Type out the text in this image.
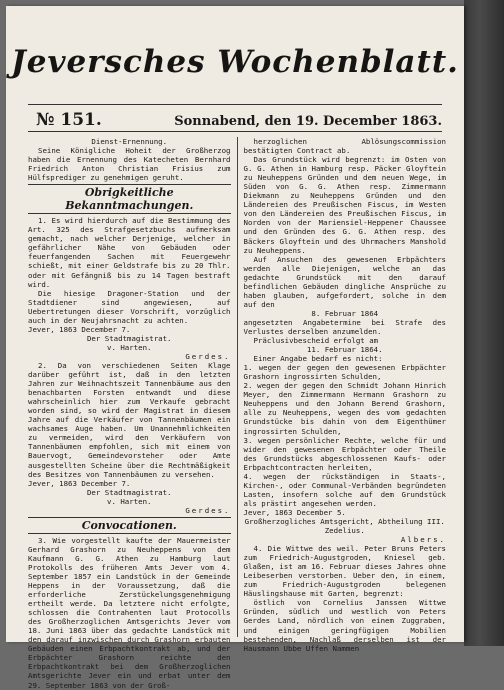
Jeversches Wochenblatt.
№ 151.	Sonnabend, den 19. December 1863.

Dienst-Ernennung.

Seine Königliche Hoheit der Großherzog haben die Ernennung des Katecheten Bernhard Friedrich Anton Christian Frisius zum Hülfsprediger zu genehmigen geruht.

Obrigkeitliche Bekanntmachungen.

1. Es wird hierdurch auf die Bestimmung des Art. 325 des Strafgesetzbuchs aufmerksam gemacht, nach welcher Derjenige, welcher in gefährlicher Nähe von Gebäuden oder feuerfangenden Sachen mit Feuergewehr schießt, mit einer Geldstrafe bis zu 20 Thlr. oder mit Gefängniß bis zu 14 Tagen bestraft wird.

Die hiesige Dragoner-Station und der Stadtdiener sind angewiesen, auf Uebertretungen dieser Vorschrift, vorzüglich auch in der Neujahrsnacht zu achten.

Jever, 1863 December 7.

Der Stadtmagistrat.

v. Harten.

Gerdes.

2. Da von verschiedenen Seiten Klage darüber geführt ist, daß in den letzten Jahren zur Weihnachtszeit Tannenbäume aus den benachbarten Forsten entwandt und diese wahrscheinlich hier zum Verkaufe gebracht worden sind, so wird der Magistrat in diesem Jahre auf die Verkäufer von Tannenbäumen ein wachsames Auge haben. Um Unannehmlichkeiten zu vermeiden, wird den Verkäufern von Tannenbäumen empfohlen, sich mit einem von Bauervogt, Gemeindevorsteher oder Amte ausgestellten Scheine über die Rechtmäßigkeit des Besitzes von Tannenbäumen zu versehen.

Jever, 1863 December 7.

Der Stadtmagistrat.

v. Harten.

Gerdes.

Convocationen.

3. Wie vorgestellt kaufte der Mauermeister Gerhard Grashorn zu Neuheppens von dem Kaufmann G. G. Athen zu Hamburg laut Protokolls des früheren Amts Jever vom 4. September 1857 ein Landstück in der Gemeinde Heppens in der Voraussetzung, daß die erforderliche Zerstückelungsgenehmigung ertheilt werde. Da letztere nicht erfolgte, schlossen die Contrahenten laut Protocolls des Großherzoglichen Amtsgerichts Jever vom 18. Juni 1863 über das gedachte Landstück mit den darauf inzwischen durch Grashorn erbauten Gebäuden einen Erbpachtkontrakt ab, und der Erbpächter Grashorn reichte den Erbpachtkontrakt bei dem Großherzoglichen Amtsgerichte Jever ein und erbat unter dem 29. September 1863 von der Groß-

herzoglichen Ablösungscommission bestätigten Contract ab.

Das Grundstück wird begrenzt: im Osten von G. G. Athen in Hamburg resp. Päcker Gloyftein zu Neuheppens Gründen und dem neuen Wege, im Süden von G. G. Athen resp. Zimmermann Diekmann zu Neuheppens Gründen und den Ländereien des Preußischen Fiscus, im Westen von den Ländereien des Preußischen Fiscus, im Norden von der Mariensiel-Heppener Chaussee und den Gründen des G. G. Athen resp. des Bäckers Gloyftein und des Uhrmachers Manshold zu Neuheppens.

Auf Ansuchen des gewesenen Erbpächters werden alle Diejenigen, welche an das gedachte Grundstück mit den darauf befindlichen Gebäuden dingliche Ansprüche zu haben glauben, aufgefordert, solche in dem auf den

8. Februar 1864

angesetzten Angabetermine bei Strafe des Verlustes derselben anzumelden.

Präclusivbescheid erfolgt am

11. Februar 1864.

Einer Angabe bedarf es nicht:

1. wegen der gegen den gewesenen Erbpächter Grashorn ingrossirten Schulden,

2. wegen der gegen den Schmidt Johann Hinrich Meyer, den Zimmermann Hermann Grashorn zu Neuheppens und den Johann Berend Grashorn, alle zu Neuheppens, wegen des vom gedachten Grundstücke bis dahin von dem Eigenthümer ingrossirten Schulden,

3. wegen persönlicher Rechte, welche für und wider den gewesenen Erbpächter oder Theile des Grundstücks abgeschlossenen Kaufs- oder Erbpachtcontracten herleiten,

4. wegen der rückständigen in Staats-, Kirchen-, oder Communal-Verbänden begründeten Lasten, insofern solche auf dem Grundstück als prästirt angesehen werden.

Jever, 1863 December 5.

Großherzogliches Amtsgericht, Abtheilung III.

Zedelius.

Albers.

4. Die Wittwe des weil. Peter Bruns Peters zum Friedrich-Augustgroden, Kniesel geb. Glaßen, ist am 16. Februar dieses Jahres ohne Leibeserben verstorben. Ueber den, in einem, zum Friedrich-Augustgroden belegenen Häuslingshause mit Garten, begrenzt:

östlich von Cornelius Janssen Wittwe Gründen, südlich und westlich von Peters Gerdes Land, nördlich von einem Zuggraben, und einigen geringfügigen Mobilien bestehenden, Nachlaß derselben ist der Hausmann Ubbe Uffen Nammen
